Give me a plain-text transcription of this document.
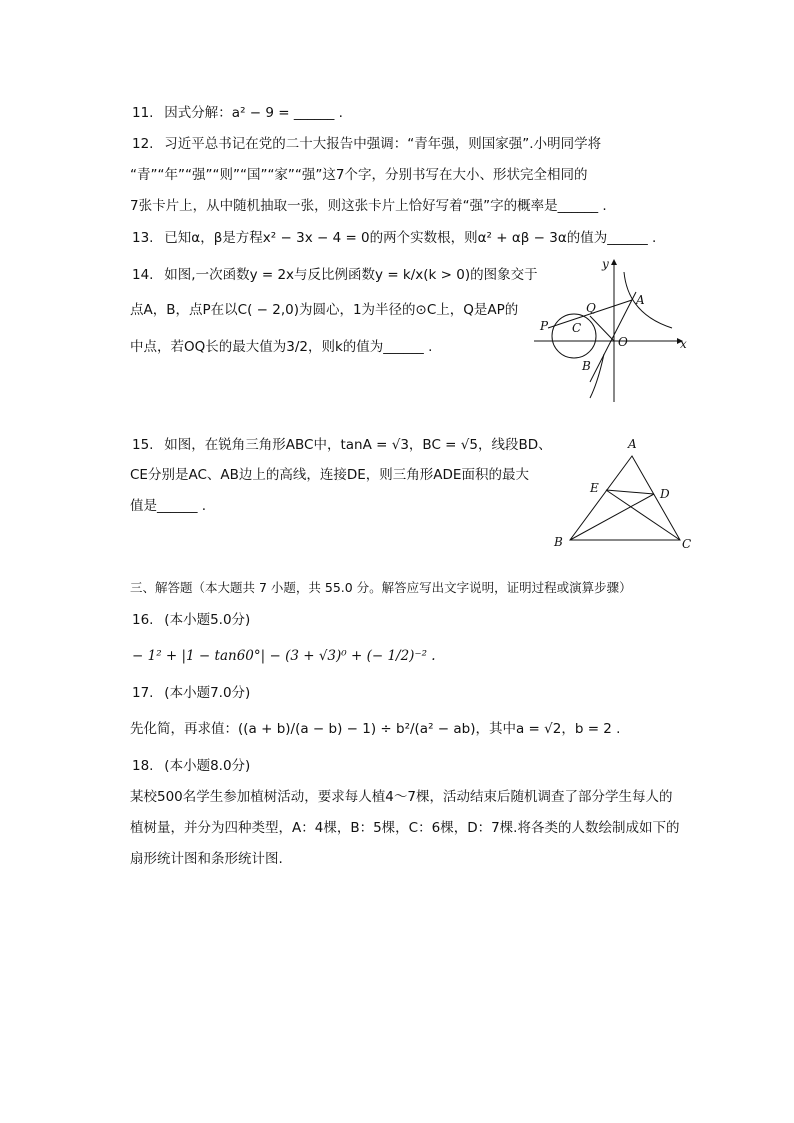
11. 因式分解：a² − 9 = ______ .
12. 习近平总书记在党的二十大报告中强调：“青年强，则国家强”.小明同学将
“青”“年”“强”“则”“国”“家”“强”这7个字，分别书写在大小、形状完全相同的
7张卡片上，从中随机抽取一张，则这张卡片上恰好写着“强”字的概率是______ .
13. 已知α，β是方程x² − 3x − 4 = 0的两个实数根，则α² + αβ − 3α的值为______ .
14. 如图,一次函数y = 2x与反比例函数y = k/x(k > 0)的图象交于
点A，B，点P在以C( − 2,0)为圆心，1为半径的⊙C上，Q是AP的
中点，若OQ长的最大值为3/2，则k的值为______ .
y
x
Q
A
P C
O
B
15. 如图，在锐角三角形ABC中，tanA = √3，BC = √5，线段BD、
CE分别是AC、AB边上的高线，连接DE，则三角形ADE面积的最大
值是______ .
A
E	D
B	C
三、解答题（本大题共 7 小题，共 55.0 分。解答应写出文字说明，证明过程或演算步骤）
16. (本小题5.0分)
− 1² + |1 − tan60°| − (3 + √3)⁰ + (− 1/2)⁻² .
17. (本小题7.0分)
先化简，再求值：((a + b)/(a − b) − 1) ÷ b²/(a² − ab)，其中a = √2，b = 2 .
18. (本小题8.0分)
某校500名学生参加植树活动，要求每人植4～7棵，活动结束后随机调查了部分学生每人的
植树量，并分为四种类型，A：4棵，B：5棵，C：6棵，D：7棵.将各类的人数绘制成如下的
扇形统计图和条形统计图.
